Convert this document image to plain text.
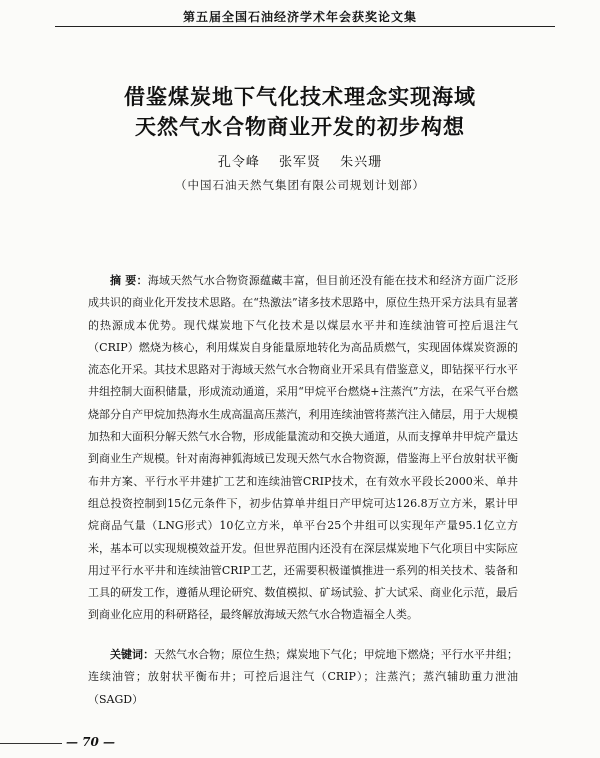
第五届全国石油经济学术年会获奖论文集
借鉴煤炭地下气化技术理念实现海域
天然气水合物商业开发的初步构想
孔令峰 张军贤 朱兴珊
（中国石油天然气集团有限公司规划计划部）
摘 要：海域天然气水合物资源蕴藏丰富，但目前还没有能在技术和经济方面广泛形成共识的商业化开发技术思路。在“热激法”诸多技术思路中，原位生热开采方法具有显著的热源成本优势。现代煤炭地下气化技术是以煤层水平井和连续油管可控后退注气（CRIP）燃烧为核心，利用煤炭自身能量原地转化为高品质燃气，实现固体煤炭资源的流态化开采。其技术思路对于海域天然气水合物商业开采具有借鉴意义，即钻探平行水平井组控制大面积储量，形成流动通道，采用“甲烷平台燃烧+注蒸汽”方法，在采气平台燃烧部分自产甲烷加热海水生成高温高压蒸汽，利用连续油管将蒸汽注入储层，用于大规模加热和大面积分解天然气水合物，形成能量流动和交换大通道，从而支撑单井甲烷产量达到商业生产规模。针对南海神狐海域已发现天然气水合物资源，借鉴海上平台放射状平衡布井方案、平行水平井建扩工艺和连续油管CRIP技术，在有效水平段长2000米、单井组总投资控制到15亿元条件下，初步估算单井组日产甲烷可达126.8万立方米，累计甲烷商品气量（LNG形式）10亿立方米，单平台25个井组可以实现年产量95.1亿立方米，基本可以实现规模效益开发。但世界范围内还没有在深层煤炭地下气化项目中实际应用过平行水平井和连续油管CRIP工艺，还需要积极谨慎推进一系列的相关技术、装备和工具的研发工作，遵循从理论研究、数值模拟、矿场试验、扩大试采、商业化示范，最后到商业化应用的科研路径，最终解放海域天然气水合物造福全人类。
关键词：天然气水合物；原位生热；煤炭地下气化；甲烷地下燃烧；平行水平井组；连续油管；放射状平衡布井；可控后退注气（CRIP）；注蒸汽；蒸汽辅助重力泄油（SAGD）
— 70 —
